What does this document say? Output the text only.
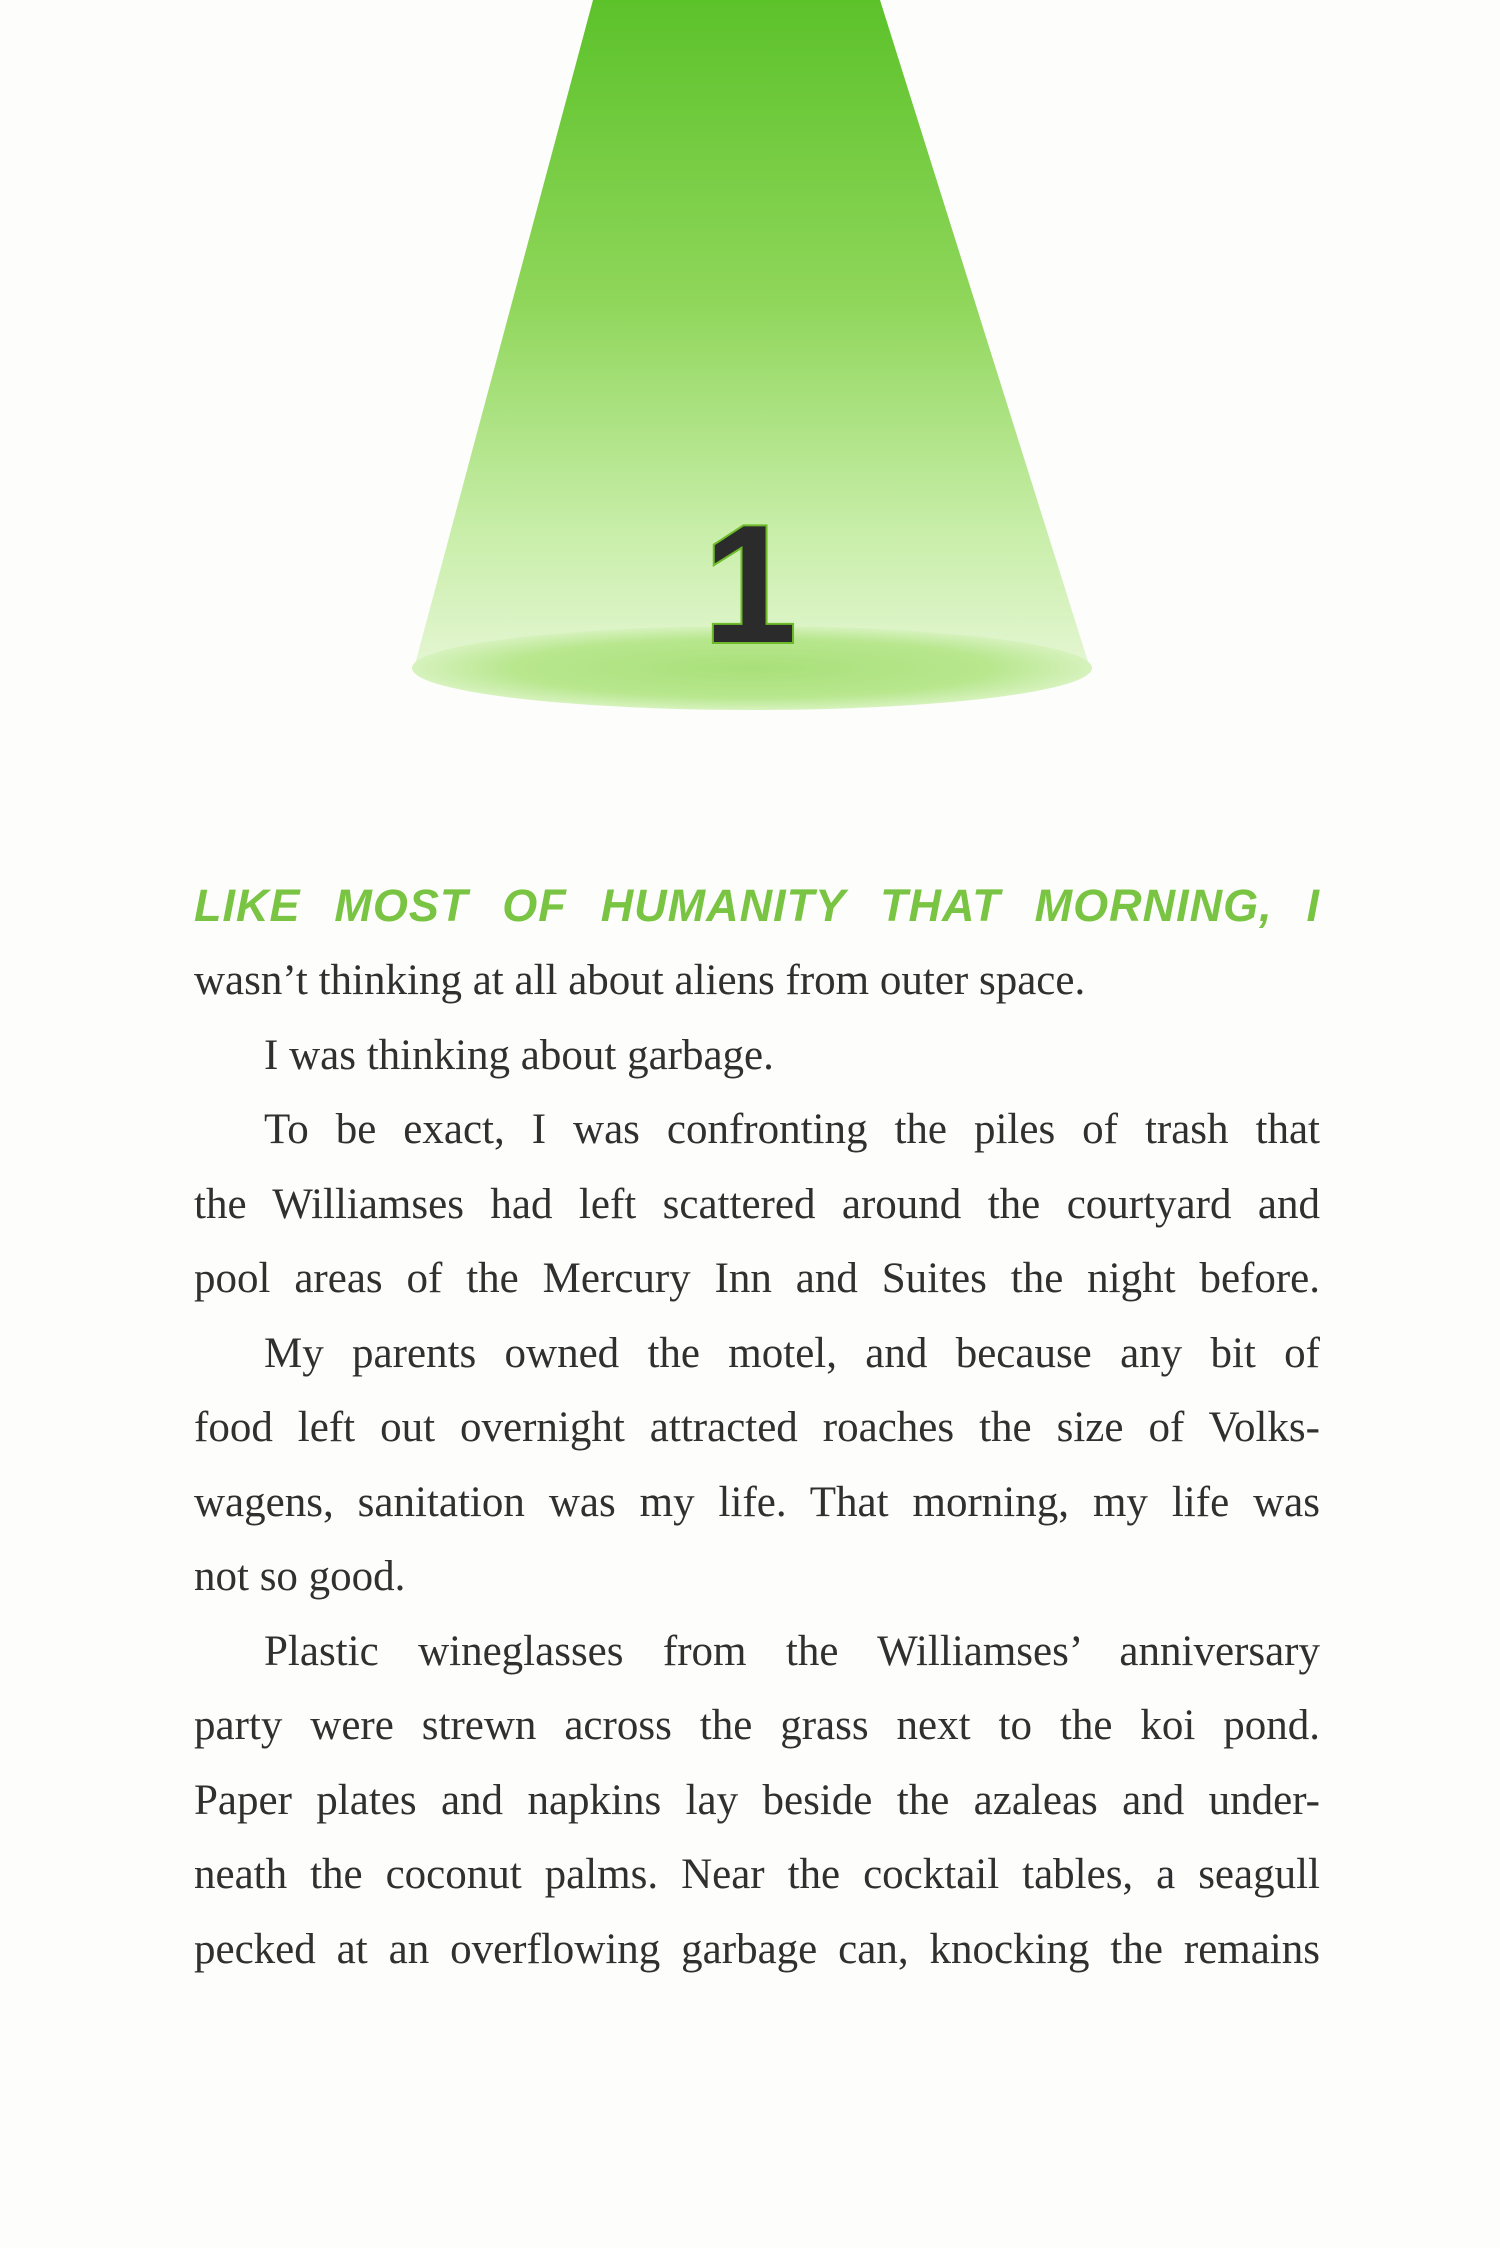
1
LIKE MOST OF HUMANITY THAT MORNING, I
wasn’t thinking at all about aliens from outer space.
I was thinking about garbage.
To be exact, I was confronting the piles of trash that
the Williamses had left scattered around the courtyard and
pool areas of the Mercury Inn and Suites the night before.
My parents owned the motel, and because any bit of
food left out overnight attracted roaches the size of Volks-
wagens, sanitation was my life. That morning, my life was
not so good.
Plastic wineglasses from the Williamses’ anniversary
party were strewn across the grass next to the koi pond.
Paper plates and napkins lay beside the azaleas and under-
neath the coconut palms. Near the cocktail tables, a seagull
pecked at an overflowing garbage can, knocking the remains
